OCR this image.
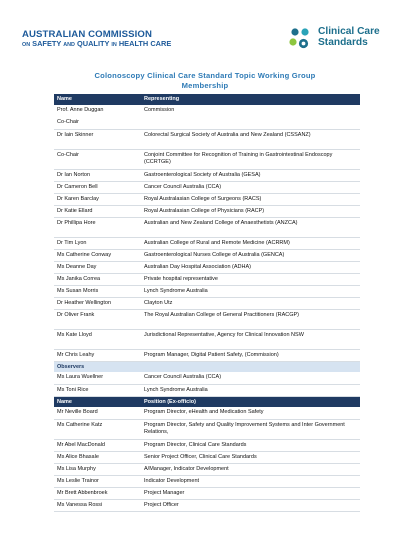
AUSTRALIAN COMMISSION
ON SAFETY AND QUALITY IN HEALTH CARE
Clinical Care
Standards
Colonoscopy Clinical Care Standard Topic Working Group
Membership
Name	Representing
Prof. Anne Duggan	Commission
Co-Chair	
Dr Iain Skinner	Colorectal Surgical Society of Australia and New Zealand (CSSANZ)
Co-Chair	Conjoint Committee for Recognition of Training in Gastrointestinal Endoscopy (CCRTGE)
Dr Ian Norton	Gastroenterological Society of Australia (GESA)
Dr Cameron Bell	Cancer Council Australia (CCA)
Dr Karen Barclay	Royal Australasian College of Surgeons (RACS)
Dr Katie Ellard	Royal Australasian College of Physicians (RACP)
Dr Phillipa Hore	Australian and New Zealand College of Anaesthetists (ANZCA)
Dr Tim Lyon	Australian College of Rural and Remote Medicine (ACRRM)
Ms Catherine Conway	Gastroenterological Nurses College of Australia (GENCA)
Ms Deanne Day	Australian Day Hospital Association (ADHA)
Ms Janika Correa	Private hospital representative
Ms Susan Morris	Lynch Syndrome Australia
Dr Heather Wellington	Clayton Utz
Dr Oliver Frank	The Royal Australian College of General Practitioners (RACGP)
Ms Kate Lloyd	Jurisdictional Representative, Agency for Clinical Innovation NSW
Mr Chris Leahy	Program Manager, Digital Patient Safety, (Commission)
Observers	
Ms Laura Wuellner	Cancer Council Australia (CCA)
Ms Toni Rice	Lynch Syndrome Australia
Name	Position (Ex-officio)
Mr Neville Board	Program Director, eHealth and Medication Safety
Ms Catherine Katz	Program Director, Safety and Quality Improvement Systems and Inter Government Relations,
Mr Abel MacDonald	Program Director, Clinical Care Standards
Ms Alice Bhasale	Senior Project Officer, Clinical Care Standards
Ms Lisa Murphy	A/Manager, Indicator Development
Ms Leslie Trainor	Indicator Development
Mr Brett Abbenbroek	Project Manager
Ms Vanessa Rossi	Project Officer
